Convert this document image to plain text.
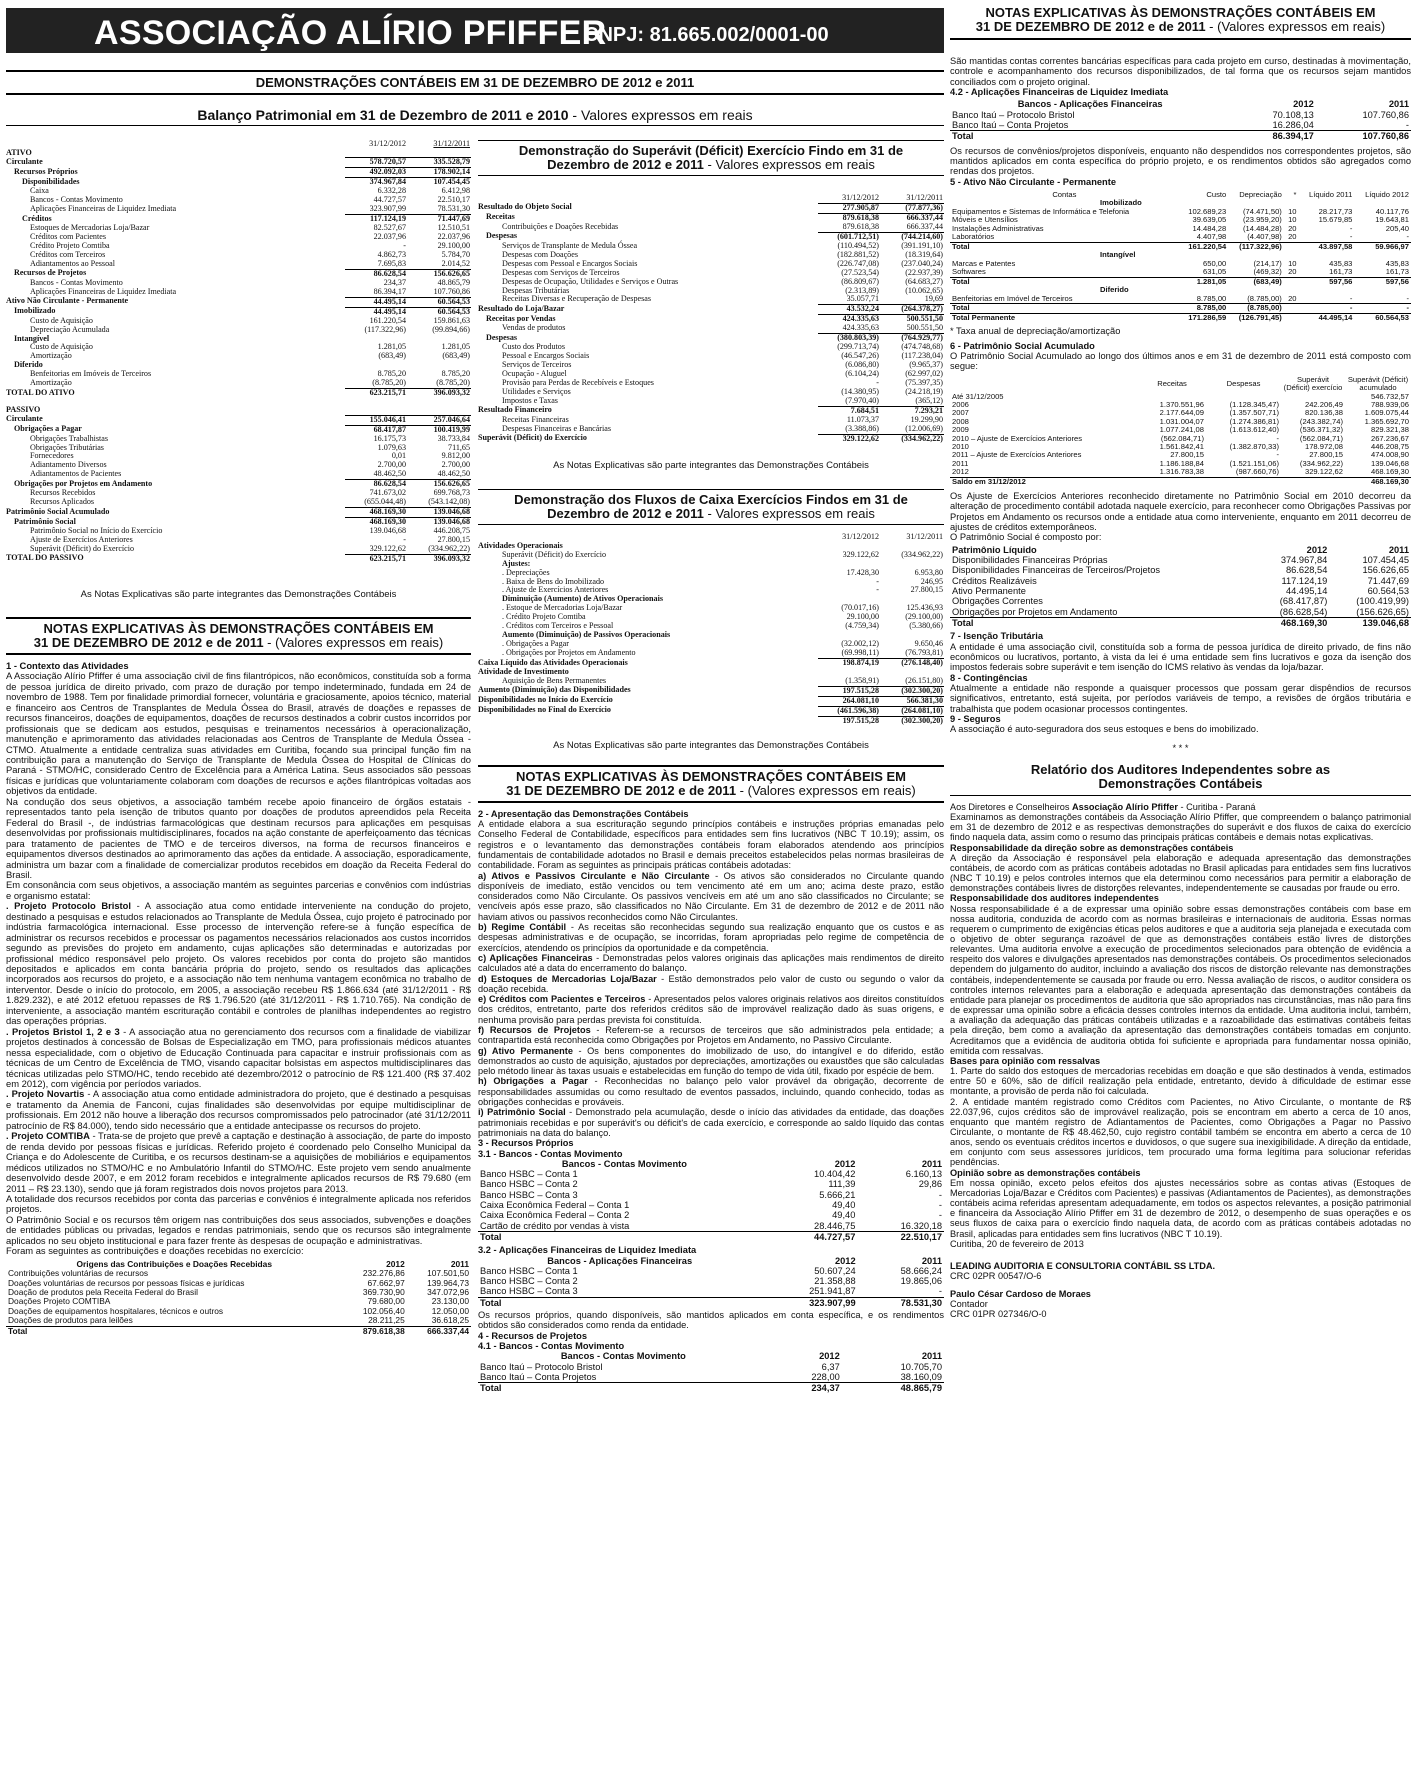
ASSOCIAÇÃO ALÍRIO PFIFFER
CNPJ: 81.665.002/0001-00
DEMONSTRAÇÕES CONTÁBEIS EM 31 DE DEZEMBRO DE 2012 e 2011
Balanço Patrimonial em 31 de Dezembro de 2011 e 2010 - Valores expressos em reais
	31/12/2012	31/12/2011
ATIVO		
Circulante	578.720,57	335.528,79
Recursos Próprios	492.092,03	178.902,14
Disponibilidades	374.967,84	107.454,45
Caixa	6.332,28	6.412,98
Bancos - Contas Movimento	44.727,57	22.510,17
Aplicações Financeiras de Liquidez Imediata	323.907,99	78.531,30
Créditos	117.124,19	71.447,69
Estoques de Mercadorias Loja/Bazar	82.527,67	12.510,51
Créditos com Pacientes	22.037,96	22.037,96
Crédito Projeto Comtiba	-	29.100,00
Créditos com Terceiros	4.862,73	5.784,70
Adiantamentos ao Pessoal	7.695,83	2.014,52
Recursos de Projetos	86.628,54	156.626,65
Bancos - Contas Movimento	234,37	48.865,79
Aplicações Financeiras de Liquidez Imediata	86.394,17	107.760,86

Ativo Não Circulante - Permanente	44.495,14	60.564,53
Imobilizado	44.495,14	60.564,53
Custo de Aquisição	161.220,54	159.861,63
Depreciação Acumulada	(117.322,96)	(99.894,66)
Intangível		
Custo de Aquisição	1.281,05	1.281,05
Amortização	(683,49)	(683,49)
Diferido		
Benfeitorias em Imóveis de Terceiros	8.785,20	8.785,20
Amortização	(8.785,20)	(8.785,20)
TOTAL DO ATIVO	623.215,71	396.093,32

PASSIVO		
Circulante	155.046,41	257.046,64
Obrigações a Pagar	68.417,87	100.419,99
Obrigações Trabalhistas	16.175,73	38.733,84
Obrigações Tributárias	1.079,63	711,65
Fornecedores	0,01	9.812,00
Adiantamento Diversos	2.700,00	2.700,00
Adiantamentos de Pacientes	48.462,50	48.462,50
Obrigações por Projetos em Andamento	86.628,54	156.626,65
Recursos Recebidos	741.673,02	699.768,73
Recursos Aplicados	(655.044,48)	(543.142,08)

Patrimônio Social Acumulado	468.169,30	139.046,68
Patrimônio Social	468.169,30	139.046,68
Patrimônio Social no Início do Exercício	139.046,68	446.208,75
Ajuste de Exercícios Anteriores	-	27.800,15
Superávit (Déficit) do Exercício	329.122,62	(334.962,22)
TOTAL DO PASSIVO	623.215,71	396.093,32
As Notas Explicativas são parte integrantes das Demonstrações Contábeis
NOTAS EXPLICATIVAS ÀS DEMONSTRAÇÕES CONTÁBEIS EM
31 DE DEZEMBRO DE 2012 e de 2011 - (Valores expressos em reais)

1 - Contexto das Atividades

A Associação Alírio Pfiffer é uma associação civil de fins filantrópicos, não econômicos, constituída sob a forma de pessoa jurídica de direito privado, com prazo de duração por tempo indeterminado, fundada em 24 de novembro de 1988. Tem por finalidade primordial fornecer, voluntária e graciosamente, apoios técnico, material e financeiro aos Centros de Transplantes de Medula Óssea do Brasil, através de doações e repasses de recursos financeiros, doações de equipamentos, doações de recursos destinados a cobrir custos incorridos por profissionais que se dedicam aos estudos, pesquisas e treinamentos necessários à operacionalização, manutenção e aprimoramento das atividades relacionadas aos Centros de Transplante de Medula Óssea - CTMO. Atualmente a entidade centraliza suas atividades em Curitiba, focando sua principal função fim na contribuição para a manutenção do Serviço de Transplante de Medula Óssea do Hospital de Clínicas do Paraná - STMO/HC, considerado Centro de Excelência para a América Latina. Seus associados são pessoas físicas e jurídicas que voluntariamente colaboram com doações de recursos e ações filantrópicas voltadas aos objetivos da entidade.

Na condução dos seus objetivos, a associação também recebe apoio financeiro de órgãos estatais - representados tanto pela isenção de tributos quanto por doações de produtos apreendidos pela Receita Federal do Brasil -, de indústrias farmacológicas que destinam recursos para aplicações em pesquisas desenvolvidas por profissionais multidisciplinares, focados na ação constante de aperfeiçoamento das técnicas para tratamento de pacientes de TMO e de terceiros diversos, na forma de recursos financeiros e equipamentos diversos destinados ao aprimoramento das ações da entidade. A associação, esporadicamente, administra um bazar com a finalidade de comercializar produtos recebidos em doação da Receita Federal do Brasil.

Em consonância com seus objetivos, a associação mantém as seguintes parcerias e convênios com indústrias e organismo estatal:

. Projeto Protocolo Bristol - A associação atua como entidade interveniente na condução do projeto, destinado a pesquisas e estudos relacionados ao Transplante de Medula Óssea, cujo projeto é patrocinado por indústria farmacológica internacional. Esse processo de intervenção refere-se à função específica de administrar os recursos recebidos e processar os pagamentos necessários relacionados aos custos incorridos segundo as previsões do projeto em andamento, cujas aplicações são determinadas e autorizadas por profissional médico responsável pelo projeto. Os valores recebidos por conta do projeto são mantidos depositados e aplicados em conta bancária própria do projeto, sendo os resultados das aplicações incorporados aos recursos do projeto, e a associação não tem nenhuma vantagem econômica no trabalho de interventor. Desde o início do protocolo, em 2005, a associação recebeu R$ 1.866.634 (até 31/12/2011 - R$ 1.829.232), e até 2012 efetuou repasses de R$ 1.796.520 (até 31/12/2011 - R$ 1.710.765). Na condição de interveniente, a associação mantém escrituração contábil e controles de planilhas independentes ao registro das operações próprias.

. Projetos Bristol 1, 2 e 3 - A associação atua no gerenciamento dos recursos com a finalidade de viabilizar projetos destinados à concessão de Bolsas de Especialização em TMO, para profissionais médicos atuantes nessa especialidade, com o objetivo de Educação Continuada para capacitar e instruir profissionais com as técnicas de um Centro de Excelência de TMO, visando capacitar bolsistas em aspectos multidisciplinares das técnicas utilizadas pelo STMO/HC, tendo recebido até dezembro/2012 o patrocínio de R$ 121.400 (R$ 37.402 em 2012), com vigência por períodos variados.

. Projeto Novartis - A associação atua como entidade administradora do projeto, que é destinado a pesquisas e tratamento da Anemia de Fanconi, cujas finalidades são desenvolvidas por equipe multidisciplinar de profissionais. Em 2012 não houve a liberação dos recursos compromissados pelo patrocinador (até 31/12/2011 patrocínio de R$ 84.000), tendo sido necessário que a entidade antecipasse os recursos do projeto.

. Projeto COMTIBA - Trata-se de projeto que prevê a captação e destinação à associação, de parte do imposto de renda devido por pessoas físicas e jurídicas. Referido projeto é coordenado pelo Conselho Municipal da Criança e do Adolescente de Curitiba, e os recursos destinam-se a aquisições de mobiliários e equipamentos médicos utilizados no STMO/HC e no Ambulatório Infantil do STMO/HC. Este projeto vem sendo anualmente desenvolvido desde 2007, e em 2012 foram recebidos e integralmente aplicados recursos de R$ 79.680 (em 2011 – R$ 23.130), sendo que já foram registrados dois novos projetos para 2013.

A totalidade dos recursos recebidos por conta das parcerias e convênios é integralmente aplicada nos referidos projetos.

O Patrimônio Social e os recursos têm origem nas contribuições dos seus associados, subvenções e doações de entidades públicas ou privadas, legados e rendas patrimoniais, sendo que os recursos são integralmente aplicados no seu objeto institucional e para fazer frente às despesas de ocupação e administrativas.

Foram as seguintes as contribuições e doações recebidas no exercício:

Origens das Contribuições e Doações Recebidas	2012	2011
Contribuições voluntárias de recursos	232.276,86	107.501,50
Doações voluntárias de recursos por pessoas físicas e jurídicas	67.662,97	139.964,73
Doação de produtos pela Receita Federal do Brasil	369.730,90	347.072,96
Doações Projeto COMTIBA	79.680,00	23.130,00
Doações de equipamentos hospitalares, técnicos e outros	102.056,40	12.050,00
Doações de produtos para leilões	28.211,25	36.618,25
Total	879.618,38	666.337,44
Demonstração do Superávit (Déficit) Exercício Findo em 31 de
Dezembro de 2012 e 2011 - Valores expressos em reais
	31/12/2012	31/12/2011
Resultado do Objeto Social	277.905,87	(77.877,36)
Receitas	879.618,38	666.337,44
Contribuições e Doações Recebidas	879.618,38	666.337,44
Despesas	(601.712,51)	(744.214,60)
Serviços de Transplante de Medula Óssea	(110.494,52)	(391.191,10)
Despesas com Doações	(182.881,52)	(18.319,64)
Despesas com Pessoal e Encargos Sociais	(226.747,08)	(237.040,24)
Despesas com Serviços de Terceiros	(27.523,54)	(22.937,39)
Despesas de Ocupação, Utilidades e Serviços e Outras	(86.809,67)	(64.683,27)
Despesas Tributárias	(2.313,89)	(10.062,65)
Receitas Diversas e Recuperação de Despesas	35.057,71	19,69
Resultado do Loja/Bazar	43.532,24	(264.378,27)
Receitas por Vendas	424.335,63	500.551,50
Vendas de produtos	424.335,63	500.551,50
Despesas	(380.803,39)	(764.929,77)
Custo dos Produtos	(299.713,74)	(474.748,68)
Pessoal e Encargos Sociais	(46.547,26)	(117.238,04)
Serviços de Terceiros	(6.086,80)	(9.965,37)
Ocupação - Aluguel	(6.104,24)	(62.997,02)
Provisão para Perdas de Recebíveis e Estoques	-	(75.397,35)
Utilidades e Serviços	(14.380,95)	(24.218,19)
Impostos e Taxas	(7.970,40)	(365,12)
Resultado Financeiro	7.684,51	7.293,21
Receitas Financeiras	11.073,37	19.299,90
Despesas Financeiras e Bancárias	(3.388,86)	(12.006,69)
Superávit (Déficit) do Exercício	329.122,62	(334.962,22)
As Notas Explicativas são parte integrantes das Demonstrações Contábeis
Demonstração dos Fluxos de Caixa Exercícios Findos em 31 de
Dezembro de 2012 e 2011 - Valores expressos em reais
	31/12/2012	31/12/2011
Atividades Operacionais		
Superávit (Déficit) do Exercício	329.122,62	(334.962,22)
Ajustes:		
. Depreciações	17.428,30	6.953,80
. Baixa de Bens do Imobilizado	-	246,95
. Ajuste de Exercícios Anteriores	-	27.800,15
Diminuição (Aumento) de Ativos Operacionais		
. Estoque de Mercadorias Loja/Bazar	(70.017,16)	125.436,93
. Crédito Projeto Comtiba	29.100,00	(29.100,00)
. Créditos com Terceiros e Pessoal	(4.759,34)	(5.380,66)
Aumento (Diminuição) de Passivos Operacionais		
. Obrigações a Pagar	(32.002,12)	9.650,46
. Obrigações por Projetos em Andamento	(69.998,11)	(76.793,81)
Caixa Líquido das Atividades Operacionais	198.874,19	(276.148,40)
Atividade de Investimento		
Aquisição de Bens Permanentes	(1.358,91)	(26.151,80)
Aumento (Diminuição) das Disponibilidades	197.515,28	(302.300,20)

Disponibilidades no Início do Exercício	264.081,10	566.381,30
Disponibilidades no Final do Exercício	(461.596,38)	(264.081,10)
	197.515,28	(302.300,20)
As Notas Explicativas são parte integrantes das Demonstrações Contábeis
NOTAS EXPLICATIVAS ÀS DEMONSTRAÇÕES CONTÁBEIS EM
31 DE DEZEMBRO DE 2012 e de 2011 - (Valores expressos em reais)

2 - Apresentação das Demonstrações Contábeis

A entidade elabora a sua escrituração segundo princípios contábeis e instruções próprias emanadas pelo Conselho Federal de Contabilidade, específicos para entidades sem fins lucrativos (NBC T 10.19); assim, os registros e o levantamento das demonstrações contábeis foram elaborados atendendo aos princípios fundamentais de contabilidade adotados no Brasil e demais preceitos estabelecidos pelas normas brasileiras de contabilidade. Foram as seguintes as principais práticas contábeis adotadas:

a) Ativos e Passivos Circulante e Não Circulante - Os ativos são considerados no Circulante quando disponíveis de imediato, estão vencidos ou tem vencimento até em um ano; acima deste prazo, estão considerados como Não Circulante. Os passivos vencíveis em até um ano são classificados no Circulante; se vencíveis após esse prazo, são classificados no Não Circulante. Em 31 de dezembro de 2012 e de 2011 não haviam ativos ou passivos reconhecidos como Não Circulantes.

b) Regime Contábil - As receitas são reconhecidas segundo sua realização enquanto que os custos e as despesas administrativas e de ocupação, se incorridas, foram apropriadas pelo regime de competência de exercícios, atendendo os princípios da oportunidade e da competência.

c) Aplicações Financeiras - Demonstradas pelos valores originais das aplicações mais rendimentos de direito calculados até a data do encerramento do balanço.

d) Estoques de Mercadorias Loja/Bazar - Estão demonstrados pelo valor de custo ou segundo o valor da doação recebida.

e) Créditos com Pacientes e Terceiros - Apresentados pelos valores originais relativos aos direitos constituídos dos créditos, entretanto, parte dos referidos créditos são de improvável realização dado às suas origens, e nenhuma provisão para perdas prevista foi constituída.

f) Recursos de Projetos - Referem-se a recursos de terceiros que são administrados pela entidade; a contrapartida está reconhecida como Obrigações por Projetos em Andamento, no Passivo Circulante.

g) Ativo Permanente - Os bens componentes do imobilizado de uso, do intangível e do diferido, estão demonstrados ao custo de aquisição, ajustados por depreciações, amortizações ou exaustões que são calculadas pelo método linear às taxas usuais e estabelecidas em função do tempo de vida útil, fixado por espécie de bem.

h) Obrigações a Pagar - Reconhecidas no balanço pelo valor provável da obrigação, decorrente de responsabilidades assumidas ou como resultado de eventos passados, incluindo, quando conhecido, todas as obrigações conhecidas e prováveis.

i) Patrimônio Social - Demonstrado pela acumulação, desde o início das atividades da entidade, das doações patrimoniais recebidas e por superávit's ou déficit's de cada exercício, e corresponde ao saldo líquido das contas patrimoniais na data do balanço.

3 - Recursos Próprios

3.1 - Bancos - Contas Movimento

Bancos - Contas Movimento	2012	2011
Banco HSBC – Conta 1	10.404,42	6.160,13
Banco HSBC – Conta 2	111,39	29,86
Banco HSBC – Conta 3	5.666,21	-
Caixa Econômica Federal – Conta 1	49,40	-
Caixa Econômica Federal – Conta 2	49,40	-
Cartão de crédito por vendas à vista	28.446,75	16.320,18
Total	44.727,57	22.510,17

3.2 - Aplicações Financeiras de Liquidez Imediata

Bancos - Aplicações Financeiras	2012	2011
Banco HSBC – Conta 1	50.607,24	58.666,24
Banco HSBC – Conta 2	21.358,88	19.865,06
Banco HSBC – Conta 3	251.941,87	-
Total	323.907,99	78.531,30

Os recursos próprios, quando disponíveis, são mantidos aplicados em conta específica, e os rendimentos obtidos são considerados como renda da entidade.

4 - Recursos de Projetos

4.1 - Bancos - Contas Movimento

Bancos - Contas Movimento	2012	2011
Banco Itaú – Protocolo Bristol	6,37	10.705,70
Banco Itaú – Conta Projetos	228,00	38.160,09
Total	234,37	48.865,79
NOTAS EXPLICATIVAS ÀS DEMONSTRAÇÕES CONTÁBEIS EM
31 DE DEZEMBRO DE 2012 e de 2011 - (Valores expressos em reais)

São mantidas contas correntes bancárias específicas para cada projeto em curso, destinadas à movimentação, controle e acompanhamento dos recursos disponibilizados, de tal forma que os recursos sejam mantidos conciliados com o projeto original.

4.2 - Aplicações Financeiras de Liquidez Imediata

Bancos - Aplicações Financeiras	2012	2011
Banco Itaú – Protocolo Bristol	70.108,13	107.760,86
Banco Itaú – Conta Projetos	16.286,04	-
Total	86.394,17	107.760,86

Os recursos de convênios/projetos disponíveis, enquanto não despendidos nos correspondentes projetos, são mantidos aplicados em conta específica do próprio projeto, e os rendimentos obtidos são agregados como rendas dos projetos.

5 - Ativo Não Circulante - Permanente

Contas	Custo	Depreciação	*	Líquido 2011	Líquido 2012
Imobilizado					
Equipamentos e Sistemas de Informática e Telefonia	102.689,23	(74.471,50)	10	28.217,73	40.117,76
Móveis e Utensílios	39.639,05	(23.959,20)	10	15.679,85	19.643,81
Instalações Administrativas	14.484,28	(14.484,28)	20	-	205,40
Laboratórios	4.407,98	(4.407,98)	20	-	-
Total	161.220,54	(117.322,96)		43.897,58	59.966,97
Intangível					
Marcas e Patentes	650,00	(214,17)	10	435,83	435,83
Softwares	631,05	(469,32)	20	161,73	161,73
Total	1.281,05	(683,49)		597,56	597,56
Diferido					
Benfeitorias em Imóvel de Terceiros	8.785,00	(8.785,00)	20	-	-
Total	8.785,00	(8.785,00)		-	-
Total Permanente	171.286,59	(126.791,45)		44.495,14	60.564,53

* Taxa anual de depreciação/amortização

6 - Patrimônio Social Acumulado

O Patrimônio Social Acumulado ao longo dos últimos anos e em 31 de dezembro de 2011 está composto com segue:

	Receitas	Despesas	Superávit (Déficit) exercício	Superávit (Déficit) acumulado
Até 31/12/2005				546.732,57
2006	1.370.551,96	(1.128.345,47)	242.206,49	788.939,06
2007	2.177.644,09	(1.357.507,71)	820.136,38	1.609.075,44
2008	1.031.004,07	(1.274.386,81)	(243.382,74)	1.365.692,70
2009	1.077.241,08	(1.613.612,40)	(536.371,32)	829.321,38
2010 – Ajuste de Exercícios Anteriores	(562.084,71)	-	(562.084,71)	267.236,67
2010	1.561.842,41	(1.382.870,33)	178.972,08	446.208,75
2011 – Ajuste de Exercícios Anteriores	27.800,15	-	27.800,15	474.008,90
2011	1.186.188,84	(1.521.151,06)	(334.962,22)	139.046,68
2012	1.316.783,38	(987.660,76)	329.122,62	468.169,30
Saldo em 31/12/2012				468.169,30

Os Ajuste de Exercícios Anteriores reconhecido diretamente no Patrimônio Social em 2010 decorreu da alteração de procedimento contábil adotada naquele exercício, para reconhecer como Obrigações Passivas por Projetos em Andamento os recursos onde a entidade atua como interveniente, enquanto em 2011 decorreu de ajustes de créditos extemporâneos.

O Patrimônio Social é composto por:

Patrimônio Líquido	2012	2011
Disponibilidades Financeiras Próprias	374.967,84	107.454,45
Disponibilidades Financeiras de Terceiros/Projetos	86.628,54	156.626,65
Créditos Realizáveis	117.124,19	71.447,69
Ativo Permanente	44.495,14	60.564,53
Obrigações Correntes	(68.417,87)	(100.419,99)
Obrigações por Projetos em Andamento	(86.628,54)	(156.626,65)
Total	468.169,30	139.046,68

7 - Isenção Tributária

A entidade é uma associação civil, constituída sob a forma de pessoa jurídica de direito privado, de fins não econômicos ou lucrativos, portanto, à vista da lei é uma entidade sem fins lucrativos e goza da isenção dos impostos federais sobre superávit e tem isenção do ICMS relativo às vendas da loja/bazar.

8 - Contingências

Atualmente a entidade não responde a quaisquer processos que possam gerar dispêndios de recursos significativos, entretanto, está sujeita, por períodos variáveis de tempo, a revisões de órgãos tributária e trabalhista que podem ocasionar processos contingentes.

9 - Seguros

A associação é auto-seguradora dos seus estoques e bens do imobilizado.

* * *

Relatório dos Auditores Independentes sobre as
Demonstrações Contábeis

Aos Diretores e Conselheiros Associação Alírio Pfiffer - Curitiba - Paraná

Examinamos as demonstrações contábeis da Associação Alírio Pfiffer, que compreendem o balanço patrimonial em 31 de dezembro de 2012 e as respectivas demonstrações do superávit e dos fluxos de caixa do exercício findo naquela data, assim como o resumo das principais práticas contábeis e demais notas explicativas.

Responsabilidade da direção sobre as demonstrações contábeis

A direção da Associação é responsável pela elaboração e adequada apresentação das demonstrações contábeis, de acordo com as práticas contábeis adotadas no Brasil aplicadas para entidades sem fins lucrativos (NBC T 10.19) e pelos controles internos que ela determinou como necessários para permitir a elaboração de demonstrações contábeis livres de distorções relevantes, independentemente se causadas por fraude ou erro.

Responsabilidade dos auditores independentes

Nossa responsabilidade é a de expressar uma opinião sobre essas demonstrações contábeis com base em nossa auditoria, conduzida de acordo com as normas brasileiras e internacionais de auditoria. Essas normas requerem o cumprimento de exigências éticas pelos auditores e que a auditoria seja planejada e executada com o objetivo de obter segurança razoável de que as demonstrações contábeis estão livres de distorções relevantes. Uma auditoria envolve a execução de procedimentos selecionados para obtenção de evidência a respeito dos valores e divulgações apresentados nas demonstrações contábeis. Os procedimentos selecionados dependem do julgamento do auditor, incluindo a avaliação dos riscos de distorção relevante nas demonstrações contábeis, independentemente se causada por fraude ou erro. Nessa avaliação de riscos, o auditor considera os controles internos relevantes para a elaboração e adequada apresentação das demonstrações contábeis da entidade para planejar os procedimentos de auditoria que são apropriados nas circunstâncias, mas não para fins de expressar uma opinião sobre a eficácia desses controles internos da entidade. Uma auditoria inclui, também, a avaliação da adequação das práticas contábeis utilizadas e a razoabilidade das estimativas contábeis feitas pela direção, bem como a avaliação da apresentação das demonstrações contábeis tomadas em conjunto. Acreditamos que a evidência de auditoria obtida foi suficiente e apropriada para fundamentar nossa opinião, emitida com ressalvas.

Bases para opinião com ressalvas

1. Parte do saldo dos estoques de mercadorias recebidas em doação e que são destinados à venda, estimados entre 50 e 60%, são de difícil realização pela entidade, entretanto, devido à dificuldade de estimar esse montante, a provisão de perda não foi calculada.

2. A entidade mantém registrado como Créditos com Pacientes, no Ativo Circulante, o montante de R$ 22.037,96, cujos créditos são de improvável realização, pois se encontram em aberto a cerca de 10 anos, enquanto que mantém registro de Adiantamentos de Pacientes, como Obrigações a Pagar no Passivo Circulante, o montante de R$ 48.462,50, cujo registro contábil também se encontra em aberto a cerca de 10 anos, sendo os eventuais créditos incertos e duvidosos, o que sugere sua inexigibilidade. A direção da entidade, em conjunto com seus assessores jurídicos, tem procurado uma forma legítima para solucionar referidas pendências.

Opinião sobre as demonstrações contábeis

Em nossa opinião, exceto pelos efeitos dos ajustes necessários sobre as contas ativas (Estoques de Mercadorias Loja/Bazar e Créditos com Pacientes) e passivas (Adiantamentos de Pacientes), as demonstrações contábeis acima referidas apresentam adequadamente, em todos os aspectos relevantes, a posição patrimonial e financeira da Associação Alírio Pfiffer em 31 de dezembro de 2012, o desempenho de suas operações e os seus fluxos de caixa para o exercício findo naquela data, de acordo com as práticas contábeis adotadas no Brasil, aplicadas para entidades sem fins lucrativos (NBC T 10.19).

Curitiba, 20 de fevereiro de 2013

LEADING AUDITORIA E CONSULTORIA CONTÁBIL SS LTDA.

CRC 02PR 00547/O-6

Paulo César Cardoso de Moraes

Contador

CRC 01PR 027346/O-0
